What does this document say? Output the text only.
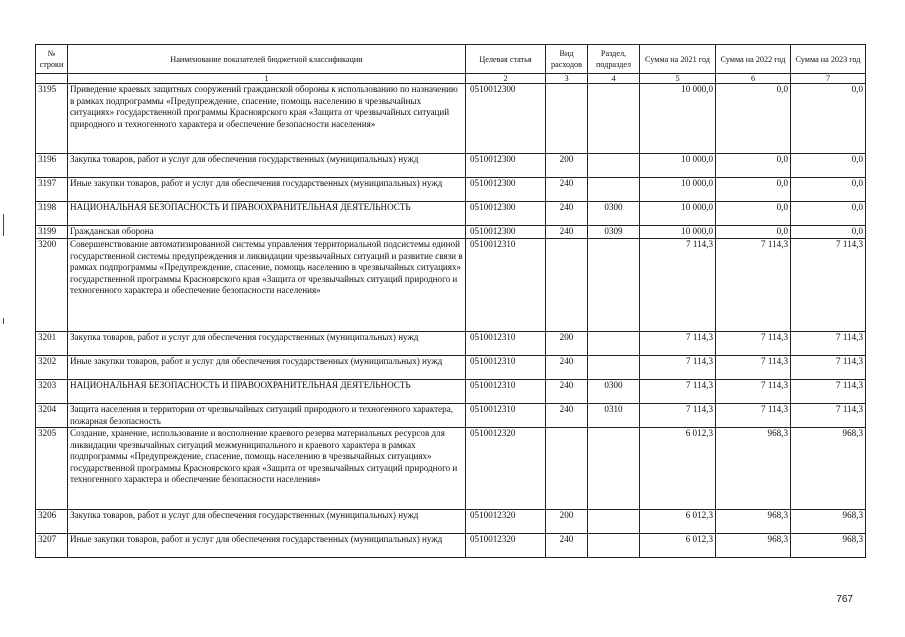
№ строки	Наименование показателей бюджетной классификации	Целевая статья	Вид расходов	Раздел, подраздел	Сумма на 2021 год	Сумма на 2022 год	Сумма на 2023 год
	1	2	3	4	5	6	7
3195	Приведение краевых защитных сооружений гражданской обороны к использованию по назначению в рамках подпрограммы «Предупреждение, спасение, помощь населению в чрезвычайных ситуациях» государственной программы Красноярского края «Защита от чрезвычайных ситуаций природного и техногенного характера и обеспечение безопасности населения»	0510012300			10 000,0	0,0	0,0
3196	Закупка товаров, работ и услуг для обеспечения государственных (муниципальных) нужд	0510012300	200		10 000,0	0,0	0,0
3197	Иные закупки товаров, работ и услуг для обеспечения государственных (муниципальных) нужд	0510012300	240		10 000,0	0,0	0,0
3198	НАЦИОНАЛЬНАЯ БЕЗОПАСНОСТЬ И ПРАВООХРАНИТЕЛЬНАЯ ДЕЯТЕЛЬНОСТЬ	0510012300	240	0300	10 000,0	0,0	0,0
3199	Гражданская оборона	0510012300	240	0309	10 000,0	0,0	0,0
3200	Совершенствование автоматизированной системы управления территориальной подсистемы единой государственной системы предупреждения и ликвидации чрезвычайных ситуаций и развитие связи в рамках подпрограммы «Предупреждение, спасение, помощь населению в чрезвычайных ситуациях» государственной программы Красноярского края «Защита от чрезвычайных ситуаций природного и техногенного характера и обеспечение безопасности населения»	0510012310			7 114,3	7 114,3	7 114,3
3201	Закупка товаров, работ и услуг для обеспечения государственных (муниципальных) нужд	0510012310	200		7 114,3	7 114,3	7 114,3
3202	Иные закупки товаров, работ и услуг для обеспечения государственных (муниципальных) нужд	0510012310	240		7 114,3	7 114,3	7 114,3
3203	НАЦИОНАЛЬНАЯ БЕЗОПАСНОСТЬ И ПРАВООХРАНИТЕЛЬНАЯ ДЕЯТЕЛЬНОСТЬ	0510012310	240	0300	7 114,3	7 114,3	7 114,3
3204	Защита населения и территории от чрезвычайных ситуаций природного и техногенного характера, пожарная безопасность	0510012310	240	0310	7 114,3	7 114,3	7 114,3
3205	Создание, хранение, использование и восполнение краевого резерва материальных ресурсов для ликвидации чрезвычайных ситуаций межмуниципального и краевого характера в рамках подпрограммы «Предупреждение, спасение, помощь населению в чрезвычайных ситуациях» государственной программы Красноярского края «Защита от чрезвычайных ситуаций природного и техногенного характера и обеспечение безопасности населения»	0510012320			6 012,3	968,3	968,3
3206	Закупка товаров, работ и услуг для обеспечения государственных (муниципальных) нужд	0510012320	200		6 012,3	968,3	968,3
3207	Иные закупки товаров, работ и услуг для обеспечения государственных (муниципальных) нужд	0510012320	240		6 012,3	968,3	968,3
767
